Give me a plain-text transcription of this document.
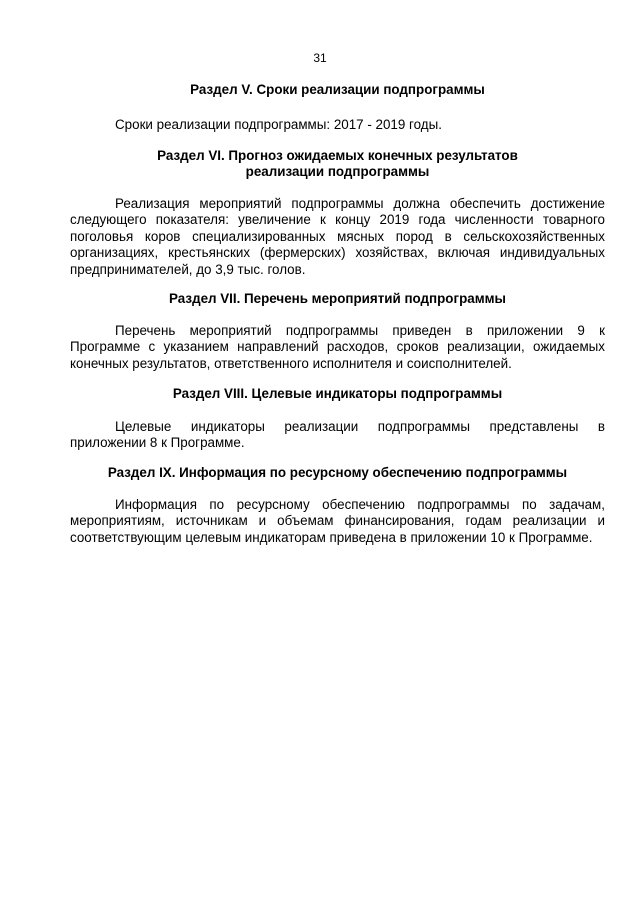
31
Раздел V. Сроки реализации подпрограммы

Сроки реализации подпрограммы: 2017 - 2019 годы.

Раздел VI. Прогноз ожидаемых конечных результатов
реализации подпрограммы

Реализация мероприятий подпрограммы должна обеспечить достижение следующего показателя: увеличение к концу 2019 года численности товарного поголовья коров специализированных мясных пород в сельскохозяйственных организациях, крестьянских (фермерских) хозяйствах, включая индивидуальных предпринимателей, до 3,9 тыс. голов.

Раздел VII. Перечень мероприятий подпрограммы

Перечень мероприятий подпрограммы приведен в приложении 9 к Программе с указанием направлений расходов, сроков реализации, ожидаемых конечных результатов, ответственного исполнителя и соисполнителей.

Раздел VIII. Целевые индикаторы подпрограммы

Целевые индикаторы реализации подпрограммы представлены в приложении 8 к Программе.

Раздел IX. Информация по ресурсному обеспечению подпрограммы

Информация по ресурсному обеспечению подпрограммы по задачам, мероприятиям, источникам и объемам финансирования, годам реализации и соответствующим целевым индикаторам приведена в приложении 10 к Программе.
